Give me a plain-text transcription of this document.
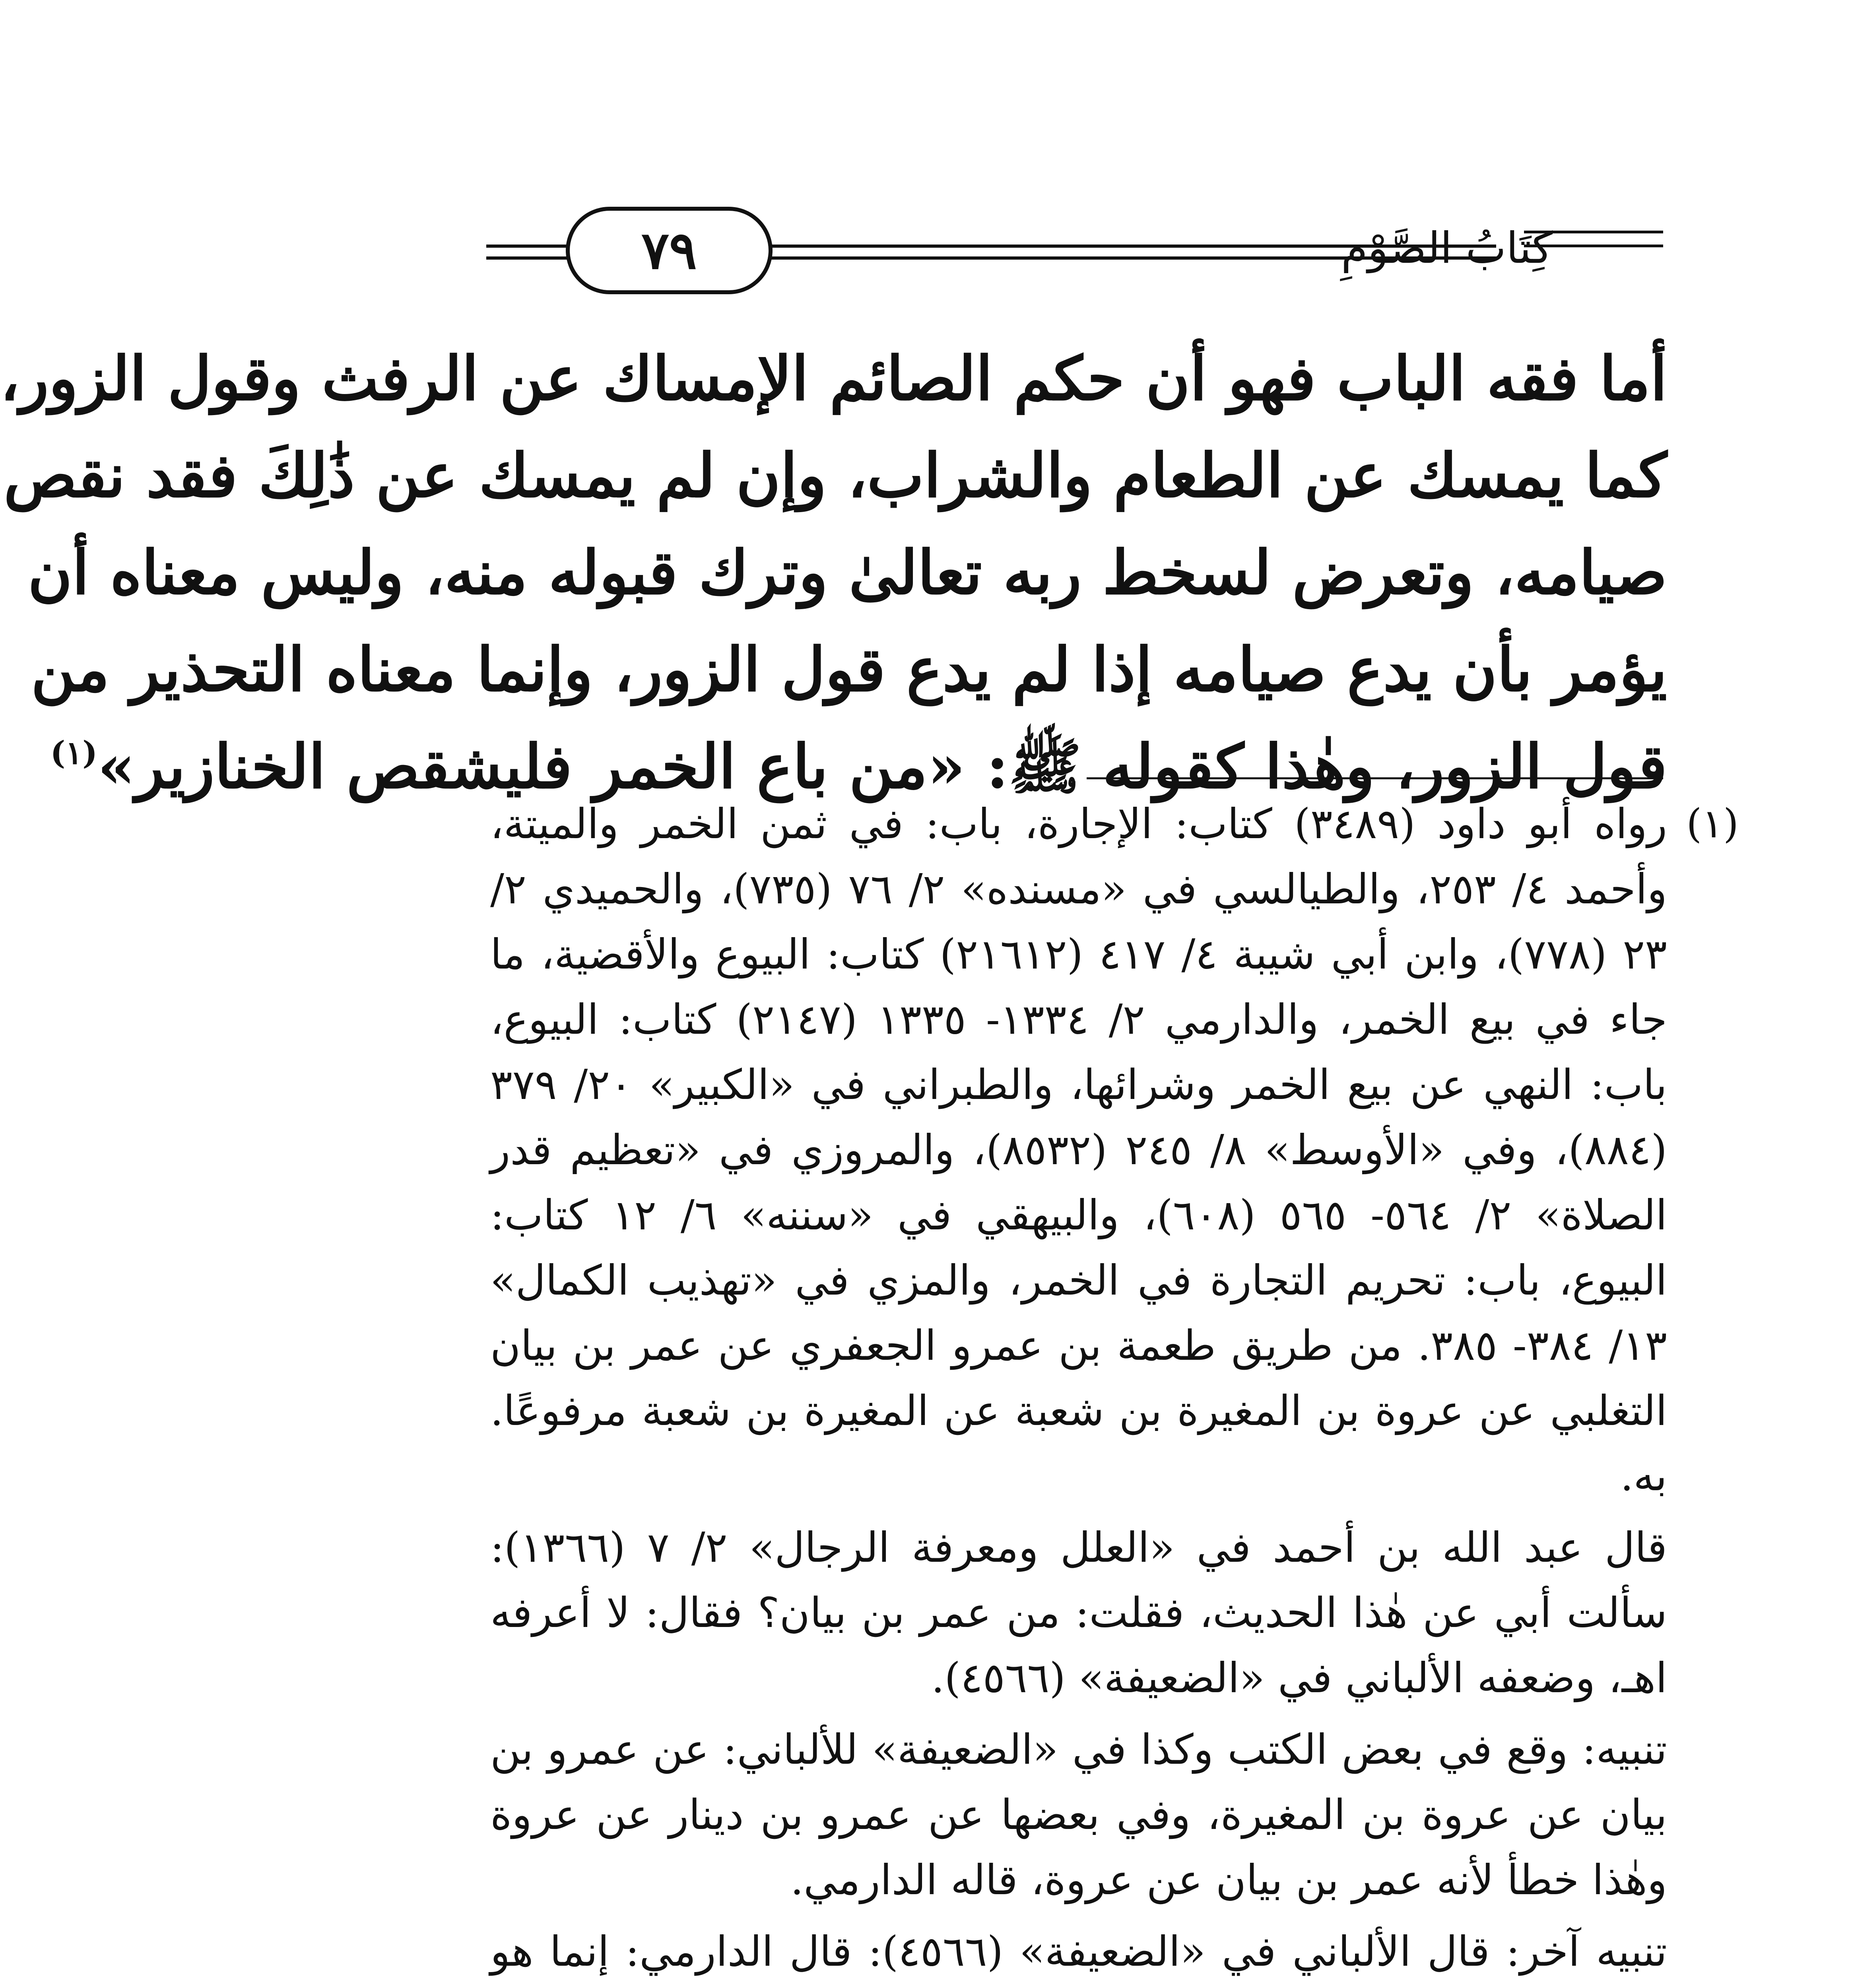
٧٩	كِتَابُ الصَّوْمِ
أما فقه الباب فهو أن حكم الصائم الإمساك عن الرفث وقول الزور،
كما يمسك عن الطعام والشراب، وإن لم يمسك عن ذَٰلِكَ فقد نقص
صيامه، وتعرض لسخط ربه تعالىٰ وترك قبوله منه، وليس معناه أن
يؤمر بأن يدع صيامه إذا لم يدع قول الزور، وإنما معناه التحذير من
قول الزور، وهٰذا كقوله ﷺ: «من باع الخمر فليشقص الخنازير»$^{(١)}$
(١)

رواه أبو داود (٣٤٨٩) كتاب: الإجارة، باب: في ثمن الخمر والميتة، وأحمد ٤/ ٢٥٣، والطيالسي في «مسنده» ٢/ ٧٦ (٧٣٥)، والحميدي ٢/ ٢٣ (٧٧٨)، وابن أبي شيبة ٤/ ٤١٧ (٢١٦١٢) كتاب: البيوع والأقضية، ما جاء في بيع الخمر، والدارمي ٢/ ١٣٣٤- ١٣٣٥ (٢١٤٧) كتاب: البيوع، باب: النهي عن بيع الخمر وشرائها، والطبراني في «الكبير» ٢٠/ ٣٧٩ (٨٨٤)، وفي «الأوسط» ٨/ ٢٤٥ (٨٥٣٢)، والمروزي في «تعظيم قدر الصلاة» ٢/ ٥٦٤- ٥٦٥ (٦٠٨)، والبيهقي في «سننه» ٦/ ١٢ كتاب: البيوع، باب: تحريم التجارة في الخمر، والمزي في «تهذيب الكمال» ١٣/ ٣٨٤- ٣٨٥. من طريق طعمة بن عمرو الجعفري عن عمر بن بيان التغلبي عن عروة بن المغيرة بن شعبة عن المغيرة بن شعبة مرفوعًا. به.

قال عبد الله بن أحمد في «العلل ومعرفة الرجال» ٢/ ٧ (١٣٦٦): سألت أبي عن هٰذا الحديث، فقلت: من عمر بن بيان؟ فقال: لا أعرفه اهـ، وضعفه الألباني في «الضعيفة» (٤٥٦٦).

تنبيه: وقع في بعض الكتب وكذا في «الضعيفة» للألباني: عن عمرو بن بيان عن عروة بن المغيرة، وفي بعضها عن عمرو بن دينار عن عروة وهٰذا خطأ لأنه عمر بن بيان عن عروة، قاله الدارمي.

تنبيه آخر: قال الألباني في «الضعيفة» (٤٥٦٦): قال الدارمي: إنما هو
